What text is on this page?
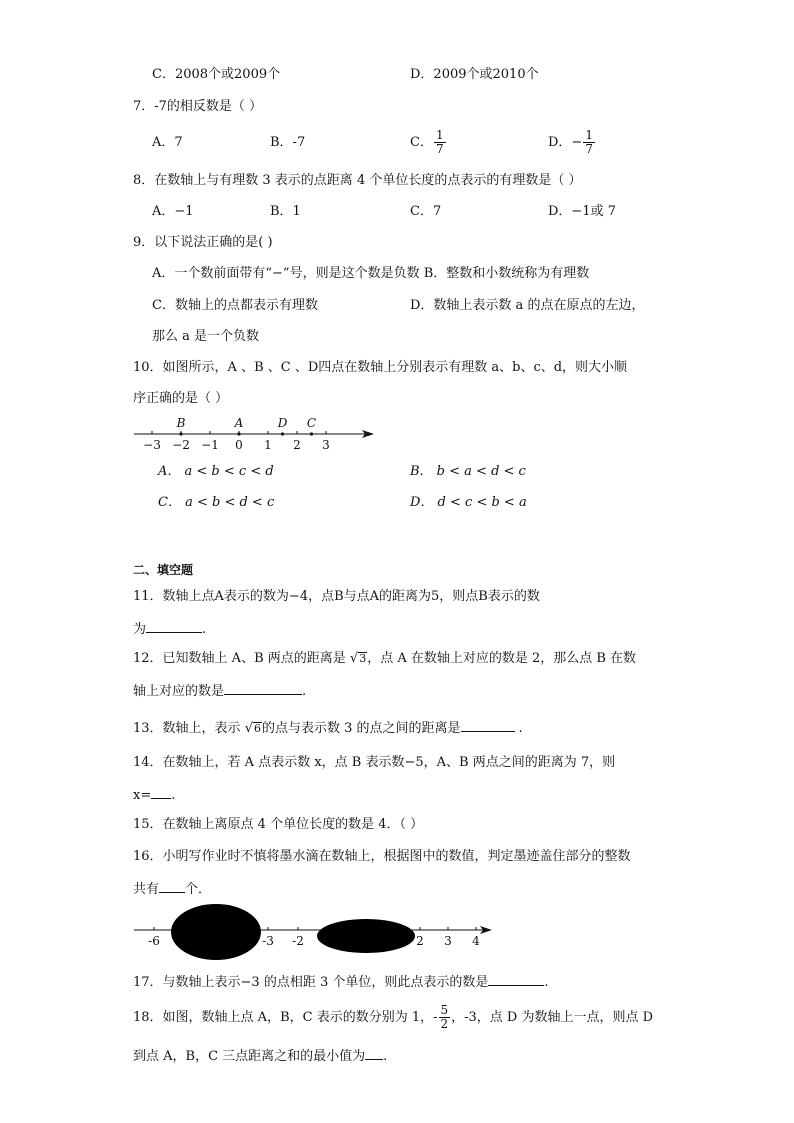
C．2008个或2009个	D．2009个或2010个
7．-7的相反数是（ ）
A．7	B．-7	C． $\frac{1}{7}$	D．− $\frac{1}{7}$
8．在数轴上与有理数 3 表示的点距离 4 个单位长度的点表示的有理数是（ ）
A．−1	B．1	C．7	D．−1或 7
9．以下说法正确的是( )
A．一个数前面带有“−”号，则是这个数是负数 B．整数和小数统称为有理数
C．数轴上的点都表示有理数	D．数轴上表示数 a 的点在原点的左边，
那么 a 是一个负数
10．如图所示，A 、B 、C 、D四点在数轴上分别表示有理数 a、b、c、d，则大小顺
序正确的是（ ）
−3 −2 −1 0 1 2 3
B	A	D C
A． a < b < c < d	B． b < a < d < c
C． a < b < d < c	D． d < c < b < a
二、填空题
11．数轴上点A表示的数为−4，点B与点A的距离为5，则点B表示的数
为	.
12．已知数轴上 A、B 两点的距离是 √3，点 A 在数轴上对应的数是 2，那么点 B 在数
轴上对应的数是	.
13．数轴上，表示 √6的点与表示数 3 的点之间的距离是	.
14．在数轴上，若 A 点表示数 x，点 B 表示数−5，A、B 两点之间的距离为 7，则
x= .
15．在数轴上离原点 4 个单位长度的数是 4．（ ）
16．小明写作业时不慎将墨水滴在数轴上，根据图中的数值，判定墨迹盖住部分的整数
共有 个．
-6	-3 -2	2 3 4
17．与数轴上表示−3 的点相距 3 个单位，则此点表示的数是	.
18．如图，数轴上点 A，B，C 表示的数分别为 1，- $\frac{5}{2}$ ，-3，点 D 为数轴上一点，则点 D
到点 A，B，C 三点距离之和的最小值为 .
